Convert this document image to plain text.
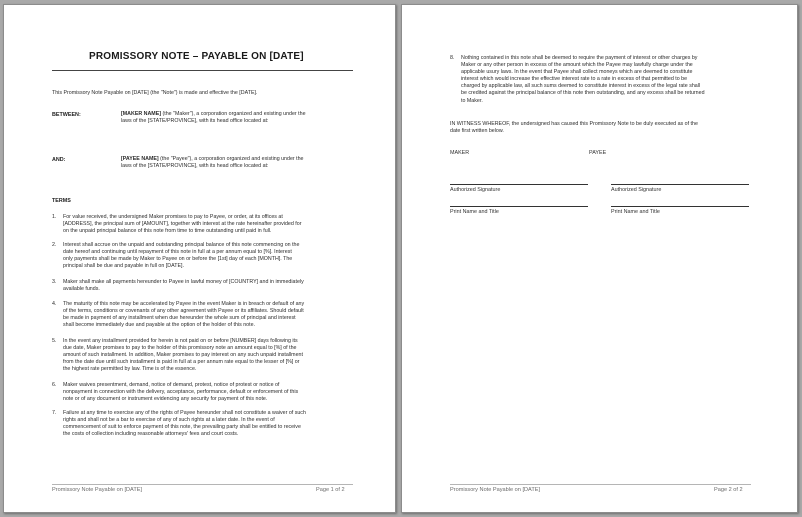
PROMISSORY NOTE – PAYABLE ON [DATE]
This Promissory Note Payable on [DATE] (the "Note") is made and effective the [DATE].
BETWEEN:	[MAKER NAME] (the "Maker"), a corporation organized and existing under the
laws of the [STATE/PROVINCE], with its head office located at:
AND:	[PAYEE NAME] (the "Payee"), a corporation organized and existing under the
laws of the [STATE/PROVINCE], with its head office located at:
TERMS
1. For value received, the undersigned Maker promises to pay to Payee, or order, at its offices at
[ADDRESS], the principal sum of [AMOUNT], together with interest at the rate hereinafter provided for
on the unpaid principal balance of this note from time to time outstanding until paid in full.
2. Interest shall accrue on the unpaid and outstanding principal balance of this note commencing on the
date hereof and continuing until repayment of this note in full at a per annum equal to [%]. Interest
only payments shall be made by Maker to Payee on or before the [1st] day of each [MONTH]. The
principal shall be due and payable in full on [DATE].
3. Maker shall make all payments hereunder to Payee in lawful money of [COUNTRY] and in immediately
available funds.
4. The maturity of this note may be accelerated by Payee in the event Maker is in breach or default of any
of the terms, conditions or covenants of any other agreement with Payee or its affiliates. Should default
be made in payment of any installment when due hereunder the whole sum of principal and interest
shall become immediately due and payable at the option of the holder of this note.
5. In the event any installment provided for herein is not paid on or before [NUMBER] days following its
due date, Maker promises to pay to the holder of this promissory note an amount equal to [%] of the
amount of such installment. In addition, Maker promises to pay interest on any such unpaid installment
from the date due until such installment is paid in full at a per annum rate equal to the lesser of [%] or
the highest rate permitted by law. Time is of the essence.
6. Maker waives presentment, demand, notice of demand, protest, notice of protest or notice of
nonpayment in connection with the delivery, acceptance, performance, default or enforcement of this
note or of any document or instrument evidencing any security for payment of this note.
7. Failure at any time to exercise any of the rights of Payee hereunder shall not constitute a waiver of such
rights and shall not be a bar to exercise of any of such rights at a later date. In the event of
commencement of suit to enforce payment of this note, the prevailing party shall be entitled to receive
the costs of collection including reasonable attorneys' fees and court costs.
Promissory Note Payable on [DATE]	Page 1 of 2
8. Nothing contained in this note shall be deemed to require the payment of interest or other charges by
Maker or any other person in excess of the amount which the Payee may lawfully charge under the
applicable usury laws. In the event that Payee shall collect moneys which are deemed to constitute
interest which would increase the effective interest rate to a rate in excess of that permitted to be
charged by applicable law, all such sums deemed to constitute interest in excess of the legal rate shall
be credited against the principal balance of this note then outstanding, and any excess shall be returned
to Maker.
IN WITNESS WHEREOF, the undersigned has caused this Promissory Note to be duly executed as of the
date first written below.
MAKER	PAYEE
Authorized Signature	Authorized Signature
Print Name and Title	Print Name and Title
Promissory Note Payable on [DATE]	Page 2 of 2
